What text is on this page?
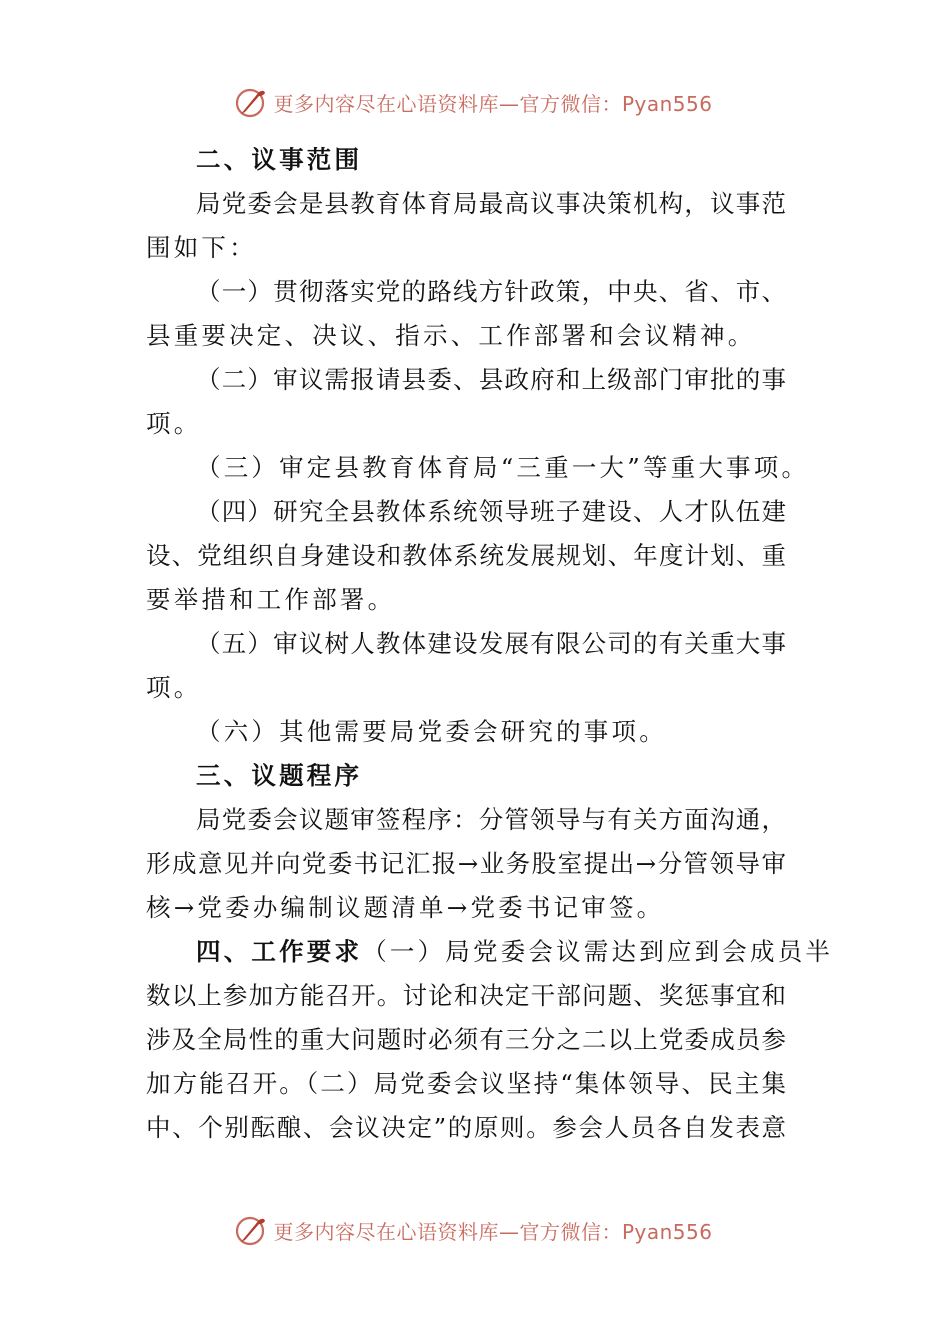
更多内容尽在心语资料库—官方微信：Pyan556
二、议事范围
局党委会是县教育体育局最高议事决策机构，议事范
围如下：
（一）贯彻落实党的路线方针政策，中央、省、市、
县重要决定、决议、指示、工作部署和会议精神。
（二）审议需报请县委、县政府和上级部门审批的事
项。
（三）审定县教育体育局“三重一大”等重大事项。
（四）研究全县教体系统领导班子建设、人才队伍建
设、党组织自身建设和教体系统发展规划、年度计划、重
要举措和工作部署。
（五）审议树人教体建设发展有限公司的有关重大事
项。
（六）其他需要局党委会研究的事项。
三、议题程序
局党委会议题审签程序：分管领导与有关方面沟通，
形成意见并向党委书记汇报→业务股室提出→分管领导审
核→党委办编制议题清单→党委书记审签。
四、工作要求（一）局党委会议需达到应到会成员半
数以上参加方能召开。讨论和决定干部问题、奖惩事宜和
涉及全局性的重大问题时必须有三分之二以上党委成员参
加方能召开。（二）局党委会议坚持“集体领导、民主集
中、个别酝酿、会议决定”的原则。参会人员各自发表意
更多内容尽在心语资料库—官方微信：Pyan556
